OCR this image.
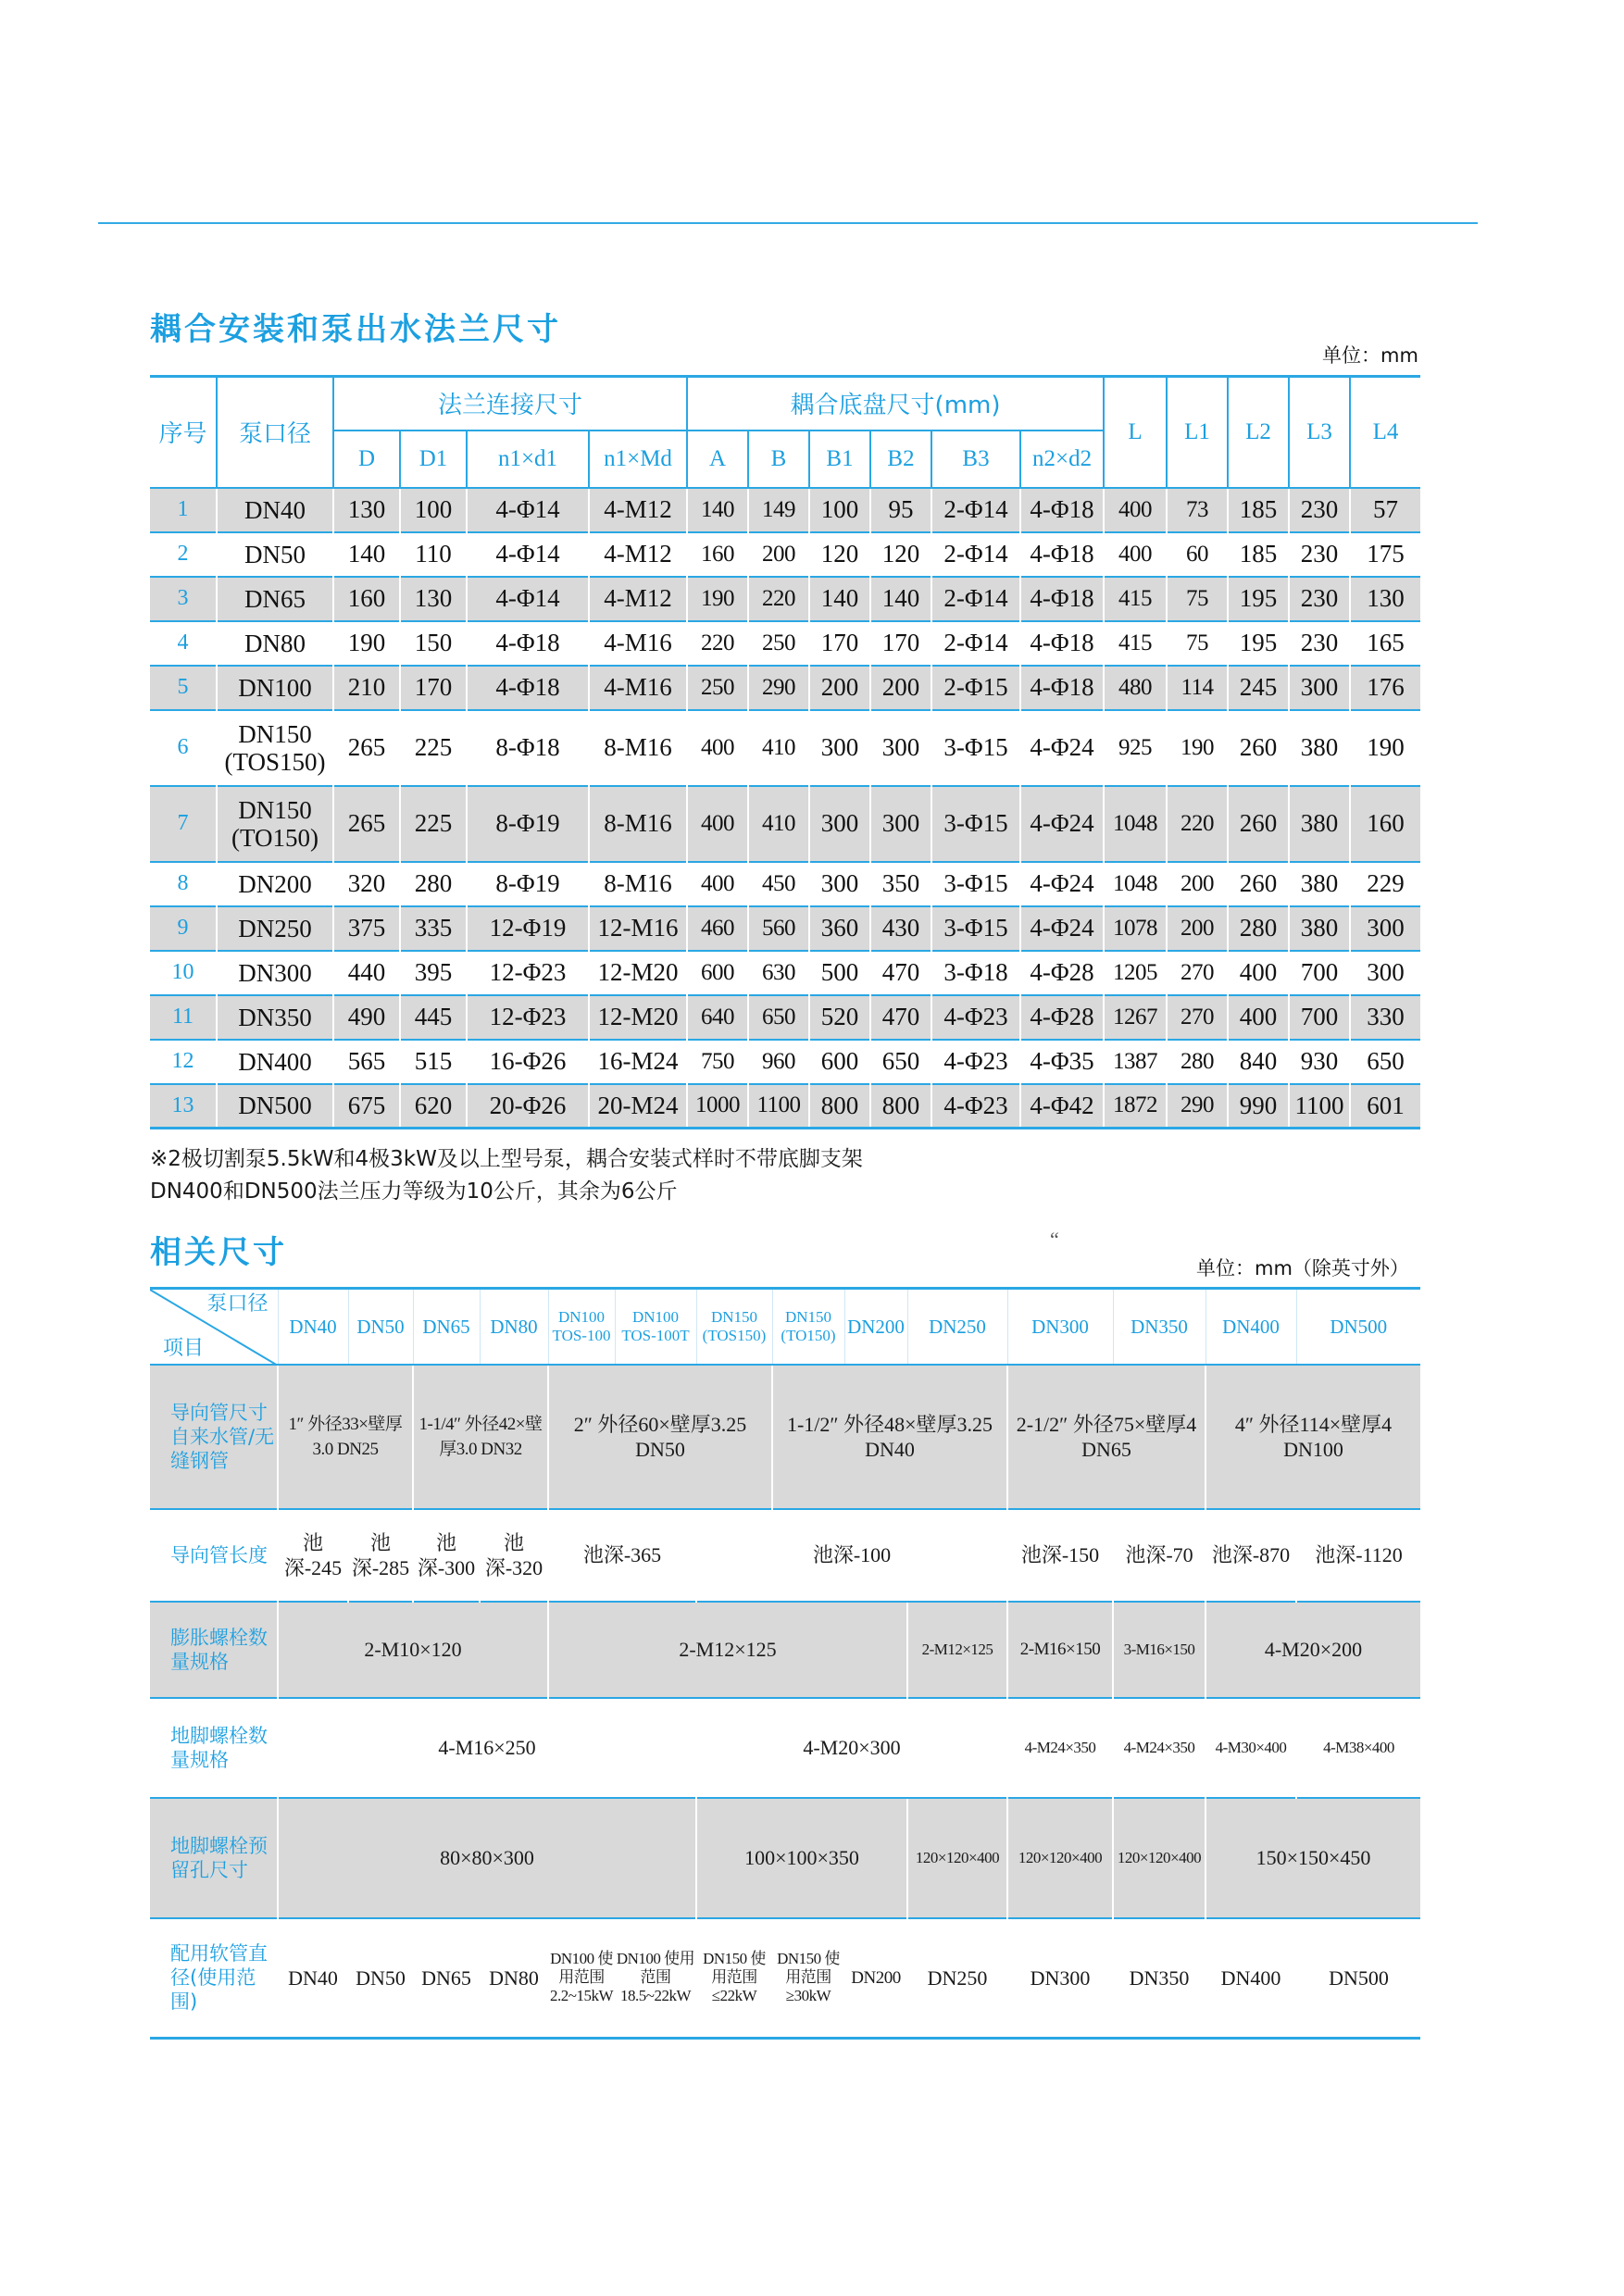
耦合安装和泵出水法兰尺寸
单位：mm
序号	泵口径	法兰连接尺寸				耦合底盘尺寸(mm)						L	L1	L2	L3	L4
		D	D1	n1×d1	n1×Md	A	B	B1	B2	B3	n2×d2					
1	DN40	130	100	4-Φ14	4-M12	140	149	100	95	2-Φ14	4-Φ18	400	73	185	230	57
2	DN50	140	110	4-Φ14	4-M12	160	200	120	120	2-Φ14	4-Φ18	400	60	185	230	175
3	DN65	160	130	4-Φ14	4-M12	190	220	140	140	2-Φ14	4-Φ18	415	75	195	230	130
4	DN80	190	150	4-Φ18	4-M16	220	250	170	170	2-Φ14	4-Φ18	415	75	195	230	165
5	DN100	210	170	4-Φ18	4-M16	250	290	200	200	2-Φ15	4-Φ18	480	114	245	300	176
6	DN150 (TOS150)	265	225	8-Φ18	8-M16	400	410	300	300	3-Φ15	4-Φ24	925	190	260	380	190
7	DN150 (TO150)	265	225	8-Φ19	8-M16	400	410	300	300	3-Φ15	4-Φ24	1048	220	260	380	160
8	DN200	320	280	8-Φ19	8-M16	400	450	300	350	3-Φ15	4-Φ24	1048	200	260	380	229
9	DN250	375	335	12-Φ19	12-M16	460	560	360	430	3-Φ15	4-Φ24	1078	200	280	380	300
10	DN300	440	395	12-Φ23	12-M20	600	630	500	470	3-Φ18	4-Φ28	1205	270	400	700	300
11	DN350	490	445	12-Φ23	12-M20	640	650	520	470	4-Φ23	4-Φ28	1267	270	400	700	330
12	DN400	565	515	16-Φ26	16-M24	750	960	600	650	4-Φ23	4-Φ35	1387	280	840	930	650
13	DN500	675	620	20-Φ26	20-M24	1000	1100	800	800	4-Φ23	4-Φ42	1872	290	990	1100	601
※2极切割泵5.5kW和4极3kW及以上型号泵，耦合安装式样时不带底脚支架
DN400和DN500法兰压力等级为10公斤，其余为6公斤
相关尺寸	“
单位：mm（除英寸外）
泵口径
项目	DN40	DN50	DN65	DN80	DN100 TOS-100	DN100 TOS-100T	DN150 (TOS150)	DN150 (TO150)	DN200	DN250	DN300	DN350	DN400	DN500
导向管尺寸自来水管/无缝钢管	1″ 外径33×壁厚3.0 DN25		1-1/4″ 外径42×壁厚3.0 DN32		2″ 外径60×壁厚3.25 DN50			1-1/2″ 外径48×壁厚3.25 DN40			2-1/2″ 外径75×壁厚4 DN65		4″ 外径114×壁厚4 DN100	
导向管长度	池深-245	池深-285	池深-300	池深-320	池深-365		池深-100				池深-150	池深-70	池深-870	池深-1120
膨胀螺栓数量规格	2-M10×120				2-M12×125					2-M12×125	2-M16×150	3-M16×150	4-M20×200	
地脚螺栓数量规格	4-M16×250						4-M20×300				4-M24×350	4-M24×350	4-M30×400	4-M38×400
地脚螺栓预留孔尺寸	80×80×300						100×100×350			120×120×400	120×120×400	120×120×400	150×150×450	
配用软管直径(使用范围)	DN40	DN50	DN65	DN80	DN100 使用范围 2.2~15kW	DN100 使用范围 18.5~22kW	DN150 使用范围 ≤22kW	DN150 使用范围 ≥30kW	DN200	DN250	DN300	DN350	DN400	DN500
